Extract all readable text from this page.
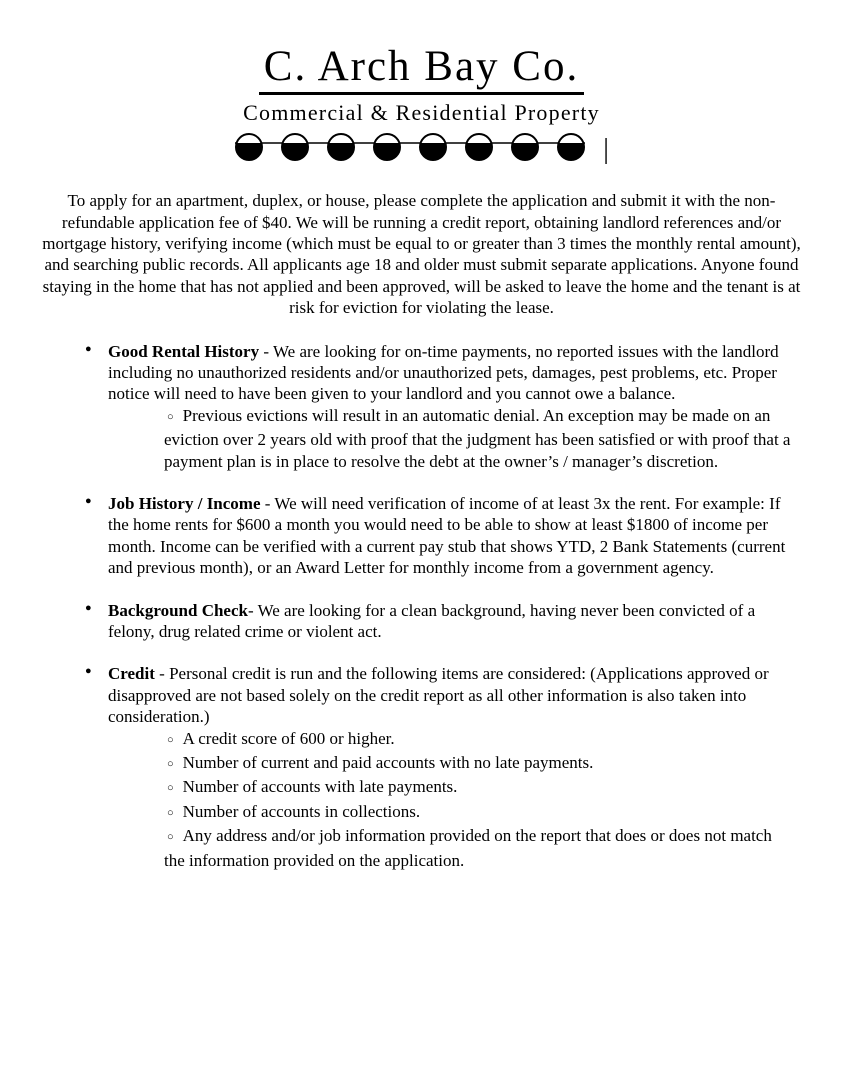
C. Arch Bay Co.
Commercial & Residential Property
|

To apply for an apartment, duplex, or house, please complete the application and submit it with the non-refundable application fee of $40. We will be running a credit report, obtaining landlord references and/or mortgage history, verifying income (which must be equal to or greater than 3 times the monthly rental amount), and searching public records. All applicants age 18 and older must submit separate applications. Anyone found staying in the home that has not applied and been approved, will be asked to leave the home and the tenant is at risk for eviction for violating the lease.

● Good Rental History - We are looking for on-time payments, no reported issues with the landlord including no unauthorized residents and/or unauthorized pets, damages, pest problems, etc. Proper notice will need to have been given to your landlord and you cannot owe a balance.
○ Previous evictions will result in an automatic denial. An exception may be made on an eviction over 2 years old with proof that the judgment has been satisfied or with proof that a payment plan is in place to resolve the debt at the owner’s / manager’s discretion.
● Job History / Income - We will need verification of income of at least 3x the rent. For example: If the home rents for $600 a month you would need to be able to show at least $1800 of income per month. Income can be verified with a current pay stub that shows YTD, 2 Bank Statements (current and previous month), or an Award Letter for monthly income from a government agency.
● Background Check- We are looking for a clean background, having never been convicted of a felony, drug related crime or violent act.
● Credit - Personal credit is run and the following items are considered: (Applications approved or disapproved are not based solely on the credit report as all other information is also taken into consideration.)
○ A credit score of 600 or higher.
○ Number of current and paid accounts with no late payments.
○ Number of accounts with late payments.
○ Number of accounts in collections.
○ Any address and/or job information provided on the report that does or does not match the information provided on the application.
